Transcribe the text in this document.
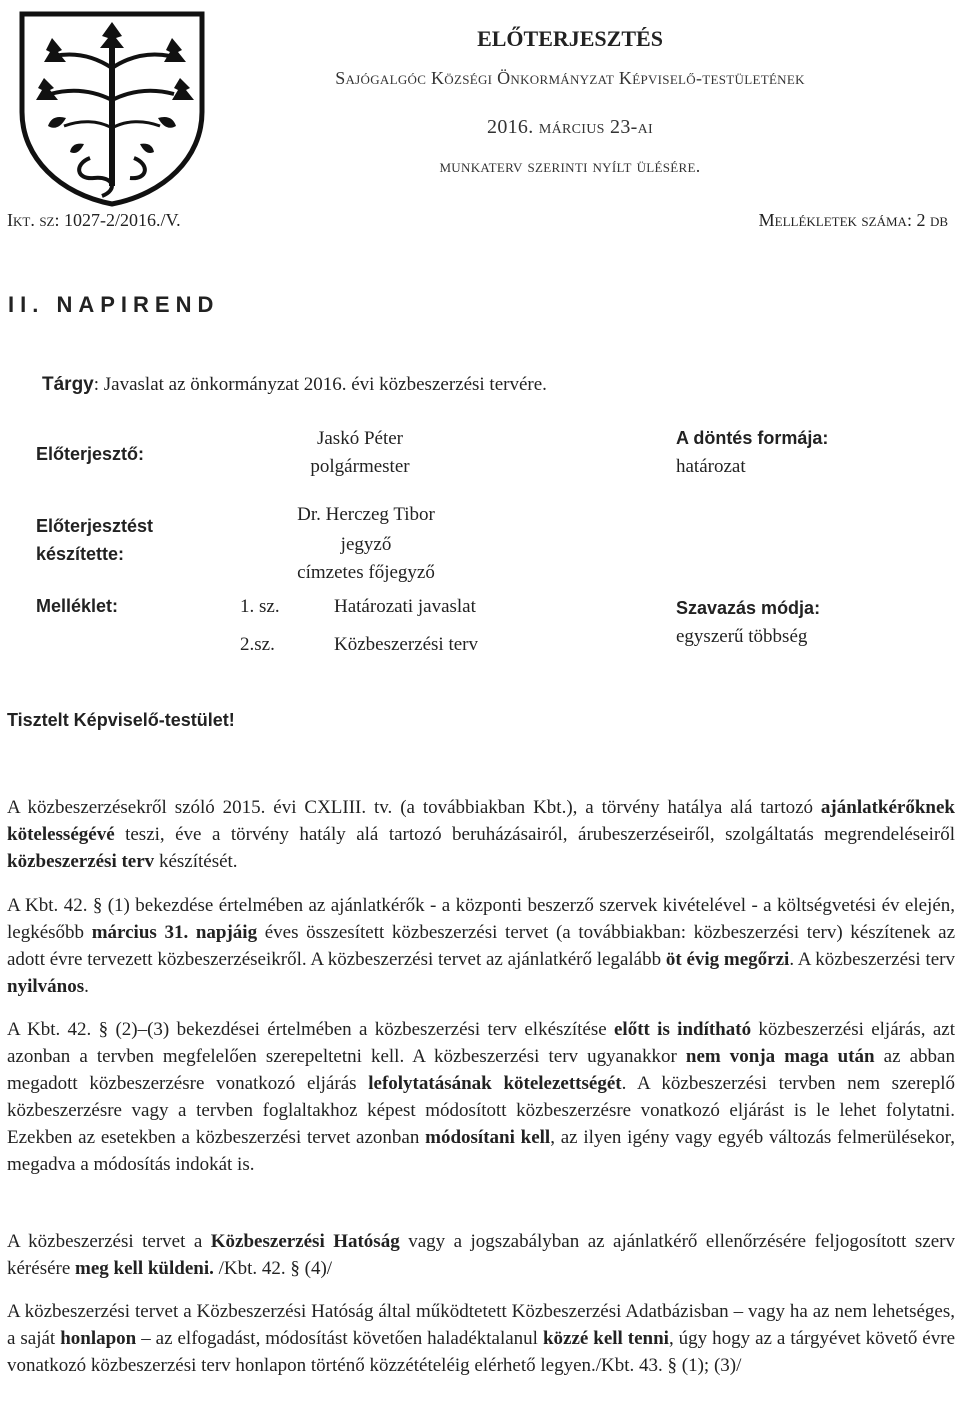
ELŐTERJESZTÉS
Sajógalgóc Községi Önkormányzat Képviselő-testületének
2016. március 23-ai
munkaterv szerinti nyílt ülésére.
Ikt. sz: 1027-2/2016./V.	Mellékletek száma: 2 db
II. NAPIREND
Tárgy: Javaslat az önkormányzat 2016. évi közbeszerzési tervére.
Előterjesztő:
Jaskó Péter
polgármester
A döntés formája:
határozat
Előterjesztést
készítette:
Dr. Herczeg Tibor
jegyző
címzetes főjegyző
Melléklet:	1. sz.	Határozati javaslat
2.sz.	Közbeszerzési terv
Szavazás módja:
egyszerű többség
Tisztelt Képviselő-testület!

A közbeszerzésekről szóló 2015. évi CXLIII. tv. (a továbbiakban Kbt.), a törvény hatálya alá tartozó ajánlatkérőknek kötelességévé teszi, éve a törvény hatály alá tartozó beruházásairól, árubeszerzéseiről, szolgáltatás megrendeléseiről közbeszerzési terv készítését.

A Kbt. 42. § (1) bekezdése értelmében az ajánlatkérők - a központi beszerző szervek kivételével - a költségvetési év elején, legkésőbb március 31. napjáig éves összesített közbeszerzési tervet (a továbbiakban: közbeszerzési terv) készítenek az adott évre tervezett közbeszerzéseikről. A közbeszerzési tervet az ajánlatkérő legalább öt évig megőrzi. A közbeszerzési terv nyilvános.

A Kbt. 42. § (2)–(3) bekezdései értelmében a közbeszerzési terv elkészítése előtt is indítható közbeszerzési eljárás, azt azonban a tervben megfelelően szerepeltetni kell. A közbeszerzési terv ugyanakkor nem vonja maga után az abban megadott közbeszerzésre vonatkozó eljárás lefolytatásának kötelezettségét. A közbeszerzési tervben nem szereplő közbeszerzésre vagy a tervben foglaltakhoz képest módosított közbeszerzésre vonatkozó eljárást is le lehet folytatni. Ezekben az esetekben a közbeszerzési tervet azonban módosítani kell, az ilyen igény vagy egyéb változás felmerülésekor, megadva a módosítás indokát is.

A közbeszerzési tervet a Közbeszerzési Hatóság vagy a jogszabályban az ajánlatkérő ellenőrzésére feljogosított szerv kérésére meg kell küldeni. /Kbt. 42. § (4)/

A közbeszerzési tervet a Közbeszerzési Hatóság által működtetett Közbeszerzési Adatbázisban – vagy ha az nem lehetséges, a saját honlapon – az elfogadást, módosítást követően haladéktalanul közzé kell tenni, úgy hogy az a tárgyévet követő évre vonatkozó közbeszerzési terv honlapon történő közzétételéig elérhető legyen./Kbt. 43. § (1); (3)/
